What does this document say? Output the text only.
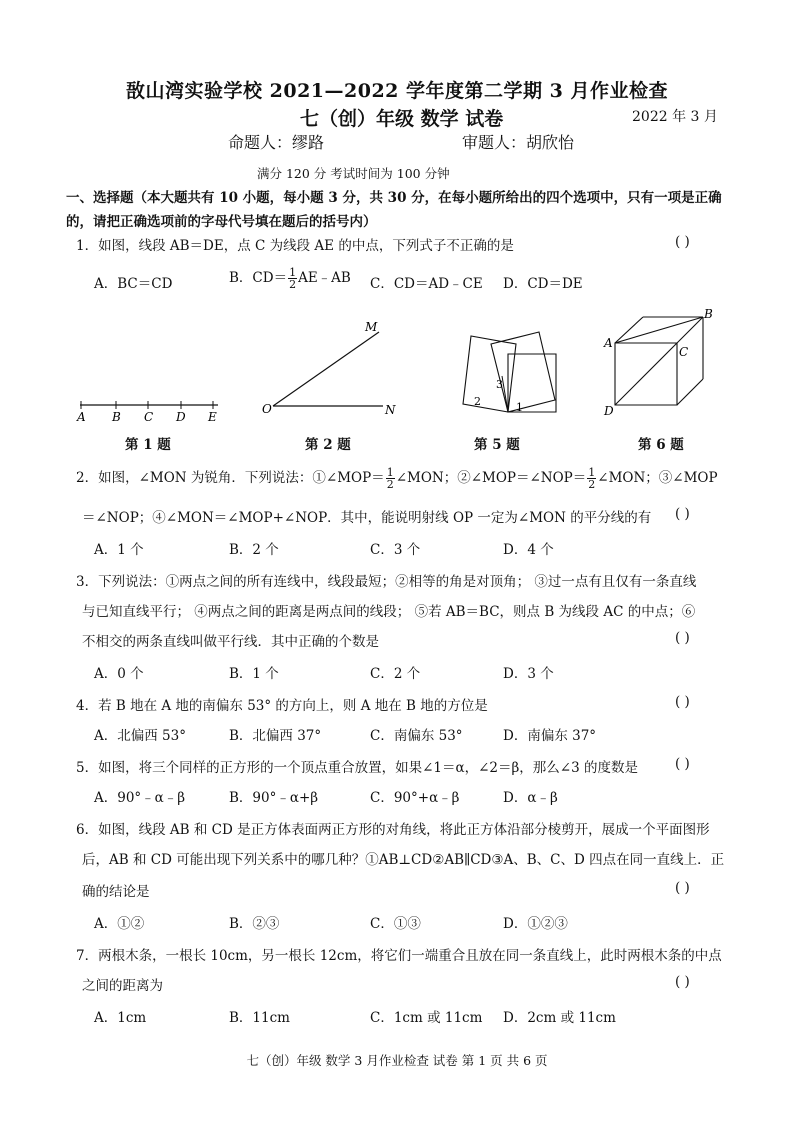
敔山湾实验学校 2021—2022 学年度第二学期 3 月作业检查
七（创）年级 数学 试卷	2022 年 3 月
命题人：缪路	审题人：胡欣怡
满分 120 分 考试时间为 100 分钟
一、选择题（本大题共有 10 小题，每小题 3 分，共 30 分，在每小题所给出的四个选项中，只有一项是正确的，请把正确选项前的字母代号填在题后的括号内）
1．如图，线段 AB＝DE，点 C 为线段 AE 的中点，下列式子不正确的是	( )
A．BC＝CD	B．$CD= \frac{1}{2}$ AE﹣AB C．CD＝AD﹣CE D．CD＝DE
A B C D E
第 1 题
M
O	N
第 2 题
3
2	1
第 5 题
B
A
C
D
第 6 题
2．如图，∠MON 为锐角．下列说法：①∠MOP＝ $\frac{1}{2}$ ∠MON；②∠MOP＝∠NOP＝ $\frac{1}{2}$ ∠MON；③∠MOP
＝∠NOP；④∠MON＝∠MOP+∠NOP．其中，能说明射线 OP 一定为∠MON 的平分线的有 ( )
A．1 个	B．2 个	C．3 个	D．4 个
3．下列说法：①两点之间的所有连线中，线段最短；②相等的角是对顶角； ③过一点有且仅有一条直线
与已知直线平行； ④两点之间的距离是两点间的线段； ⑤若 AB＝BC，则点 B 为线段 AC 的中点；⑥
不相交的两条直线叫做平行线．其中正确的个数是	( )
A．0 个	B．1 个	C．2 个	D．3 个
4．若 B 地在 A 地的南偏东 53° 的方向上，则 A 地在 B 地的方位是	( )
A．北偏西 53°	B．北偏西 37°	C．南偏东 53°	D．南偏东 37°
5．如图，将三个同样的正方形的一个顶点重合放置，如果∠1＝α，∠2＝β，那么∠3 的度数是	( )
A．90°﹣α﹣β	B．90°﹣α+β	C．90°+α﹣β	D．α﹣β
6．如图，线段 AB 和 CD 是正方体表面两正方形的对角线，将此正方体沿部分棱剪开，展成一个平面图形
后，AB 和 CD 可能出现下列关系中的哪几种？①AB⊥CD②AB∥CD③A、B、C、D 四点在同一直线上．正
确的结论是	( )
A．①②	B．②③	C．①③	D．①②③
7．两根木条，一根长 10cm，另一根长 12cm，将它们一端重合且放在同一条直线上，此时两根木条的中点
之间的距离为	( )
A．1cm	B．11cm	C．1cm 或 11cm D．2cm 或 11cm
七（创）年级 数学 3 月作业检查 试卷 第 1 页 共 6 页
